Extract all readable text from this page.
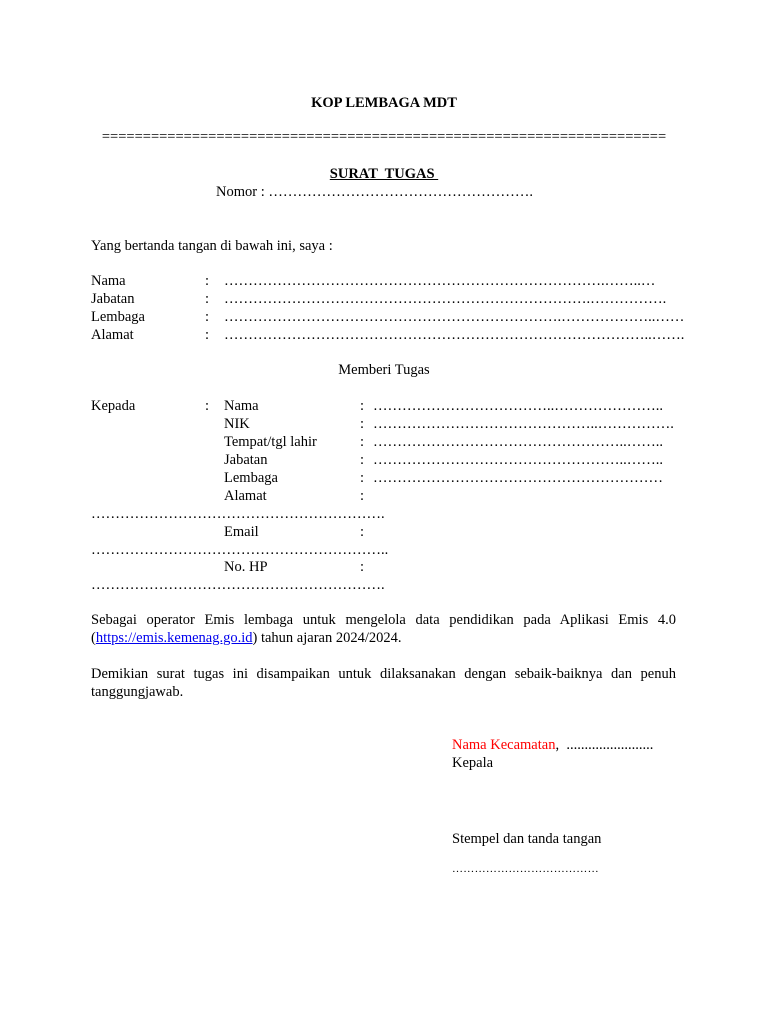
KOP LEMBAGA MDT
=====================================================================
SURAT  TUGAS
Nomor : ……………………………………………….
Yang bertanda tangan di bawah ini, saya :
Nama	: …………………………………………………………………….……..…
Jabatan	: ………………………………………………………………….…………….
Lembaga	: …………………………………………………………….………………..……
Alamat	: ……………………………………………………………………………..…….
Memberi Tugas
Kepada	: Nama	: ………………………………..…………………..
NIK	: ………………………………………..…………….
Tempat/tgl lahir	: ……………………………………………..……..
Jabatan	: ……………………………………………..……..
Lembaga	: ……………………………………………………
Alamat	:
…………………………………………………….
Email	:
……………………………………………………..
No. HP	:
…………………………………………………….
Sebagai operator Emis lembaga untuk mengelola data pendidikan pada Aplikasi Emis 4.0 (https://emis.kemenag.go.id) tahun ajaran 2024/2024.
Demikian surat tugas ini disampaikan untuk dilaksanakan dengan sebaik-baiknya dan penuh tanggungjawab.
Nama Kecamatan,  ........................
Kepala
Stempel dan tanda tangan
…………………………………
